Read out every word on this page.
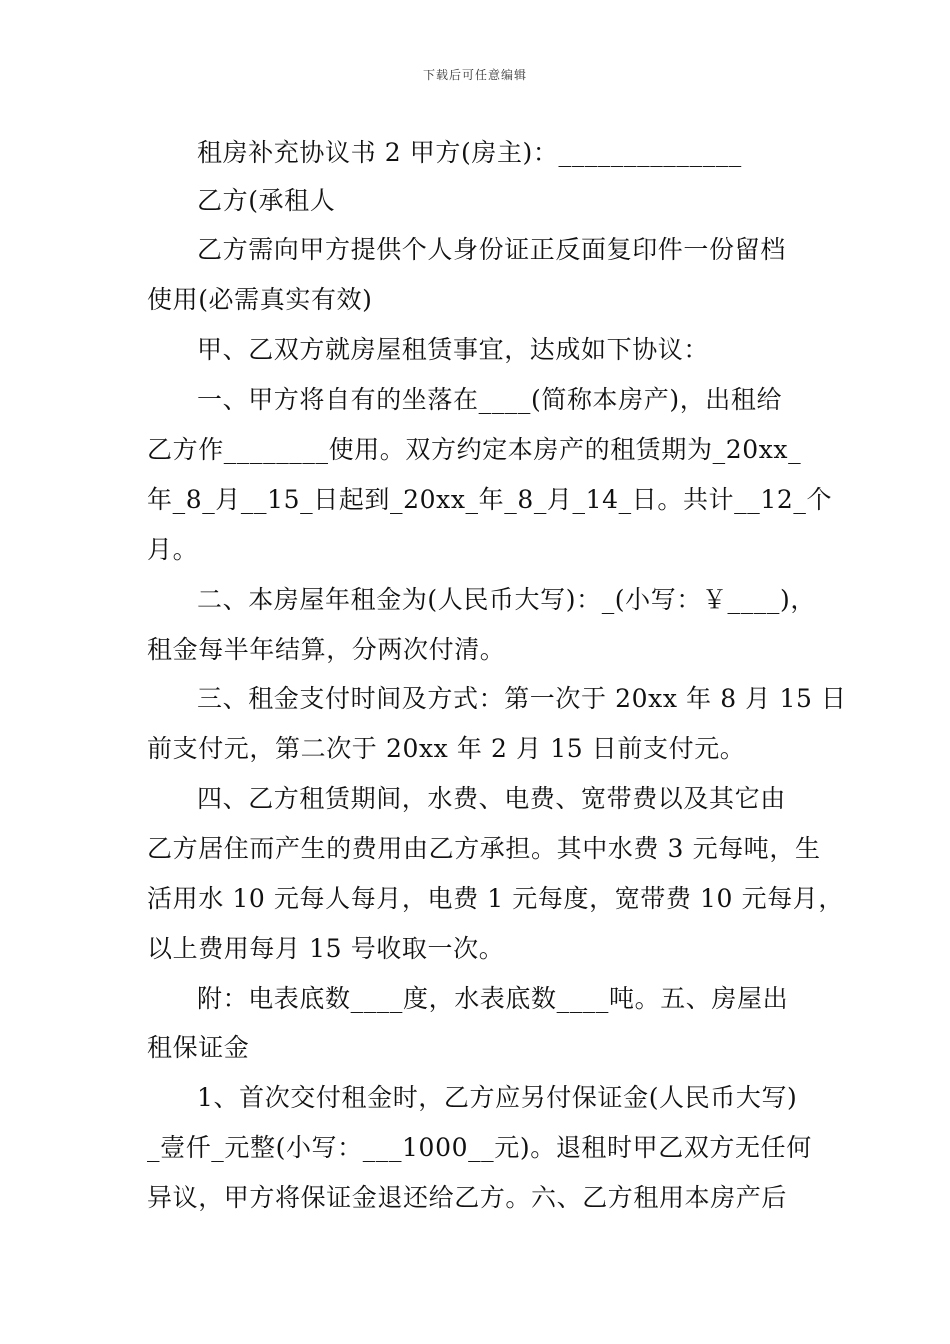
下载后可任意编辑
租房补充协议书 2 甲方(房主)：______________
乙方(承租人
乙方需向甲方提供个人身份证正反面复印件一份留档
使用(必需真实有效)
甲、乙双方就房屋租赁事宜，达成如下协议：
一、甲方将自有的坐落在____(简称本房产)，出租给
乙方作________使用。双方约定本房产的租赁期为_20xx_
年_8_月__15_日起到_20xx_年_8_月_14_日。共计__12_个
月。
二、本房屋年租金为(人民币大写)：_(小写：￥____)，
租金每半年结算，分两次付清。
三、租金支付时间及方式：第一次于 20xx 年 8 月 15 日
前支付元，第二次于 20xx 年 2 月 15 日前支付元。
四、乙方租赁期间，水费、电费、宽带费以及其它由
乙方居住而产生的费用由乙方承担。其中水费 3 元每吨，生
活用水 10 元每人每月，电费 1 元每度，宽带费 10 元每月，
以上费用每月 15 号收取一次。
附：电表底数____度，水表底数____吨。五、房屋出
租保证金
1、首次交付租金时，乙方应另付保证金(人民币大写)
_壹仟_元整(小写：___1000__元)。退租时甲乙双方无任何
异议，甲方将保证金退还给乙方。六、乙方租用本房产后
